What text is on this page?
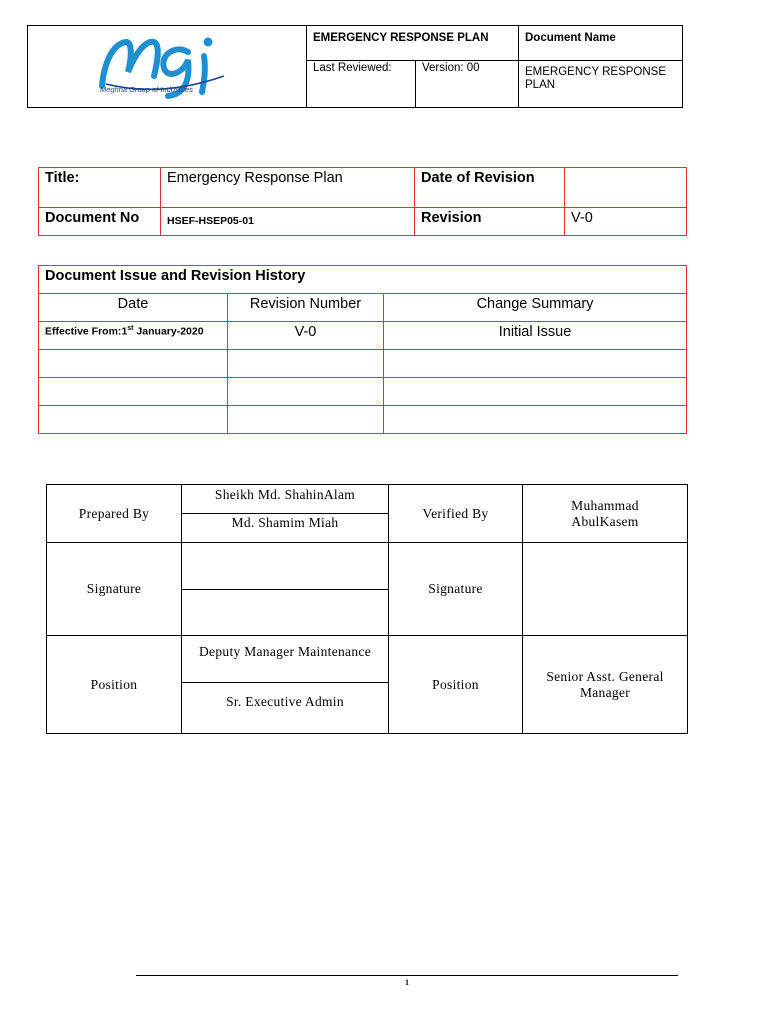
Meghna Group of Industries
EMERGENCY RESPONSE PLAN	Document Name
Last Reviewed:	Version: 00	EMERGENCY RESPONSE PLAN
Title:	Emergency Response Plan	Date of Revision	
Document No	HSEF-HSEP05-01	Revision	V-0
Document Issue and Revision History		
Date	Revision Number	Change Summary
Effective From:1st January-2020	V-0	Initial Issue

Prepared By	Sheikh Md. ShahinAlam	Verified By	Muhammad AbulKasem
	Md. Shamim Miah		
Signature		Signature	

Position	Deputy Manager Maintenance	Position	Senior Asst. General Manager
	Sr. Executive Admin		
1
